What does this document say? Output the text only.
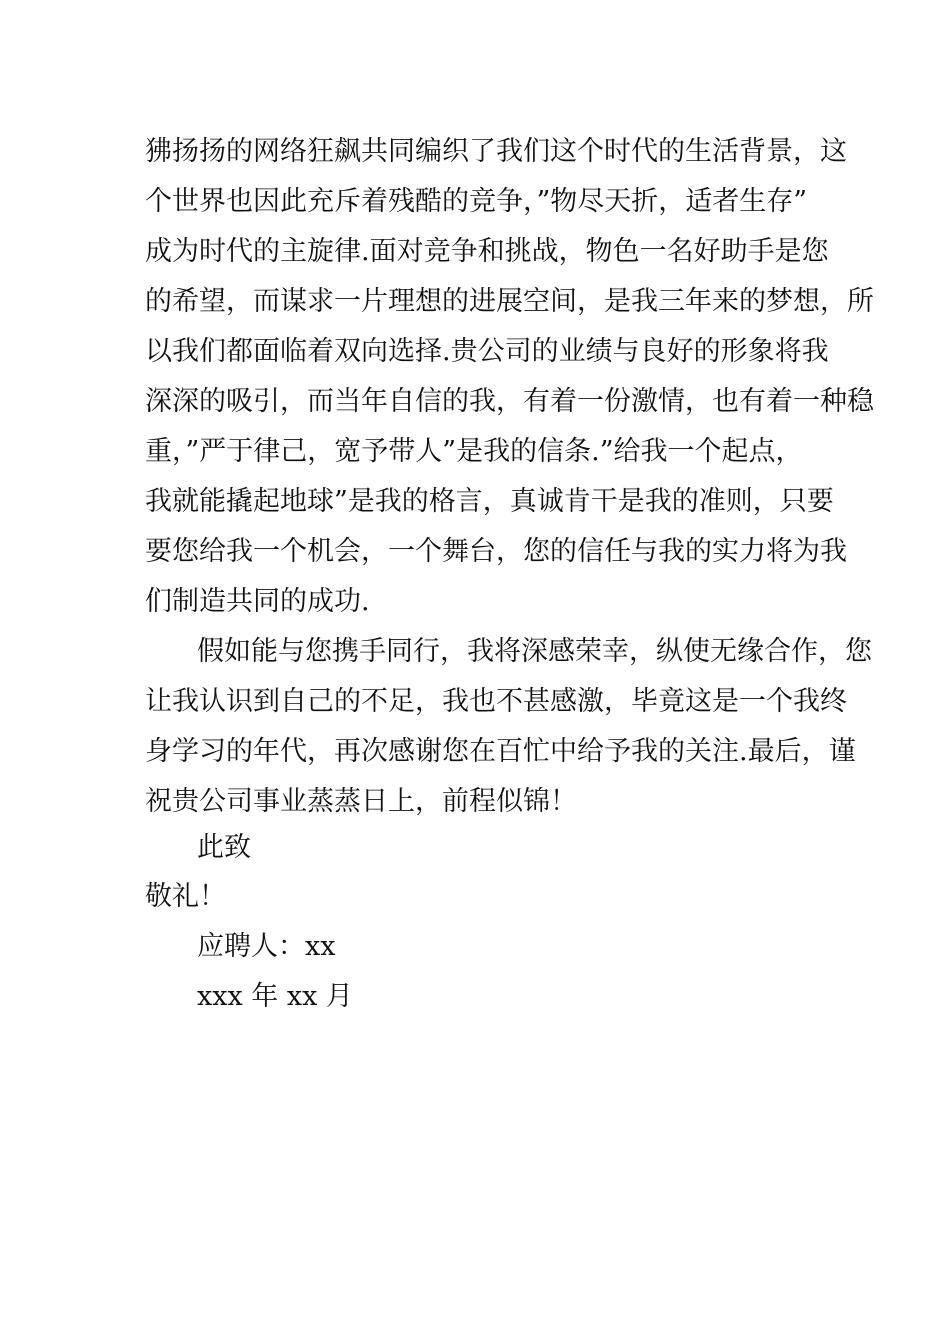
狒扬扬的网络狂飙共同编织了我们这个时代的生活背景，这
个世界也因此充斥着残酷的竞争，”物尽天折，适者生存”
成为时代的主旋律.面对竞争和挑战，物色一名好助手是您
的希望，而谋求一片理想的进展空间，是我三年来的梦想，所
以我们都面临着双向选择.贵公司的业绩与良好的形象将我
深深的吸引，而当年自信的我，有着一份激情，也有着一种稳
重，”严于律己，宽予带人”是我的信条.”给我一个起点，
我就能撬起地球”是我的格言，真诚肯干是我的准则，只要
要您给我一个机会，一个舞台，您的信任与我的实力将为我
们制造共同的成功.
假如能与您携手同行，我将深感荣幸，纵使无缘合作，您
让我认识到自己的不足，我也不甚感激，毕竟这是一个我终
身学习的年代，再次感谢您在百忙中给予我的关注.最后，谨
祝贵公司事业蒸蒸日上，前程似锦！
此致
敬礼！
应聘人：xx
xxx 年 xx 月
